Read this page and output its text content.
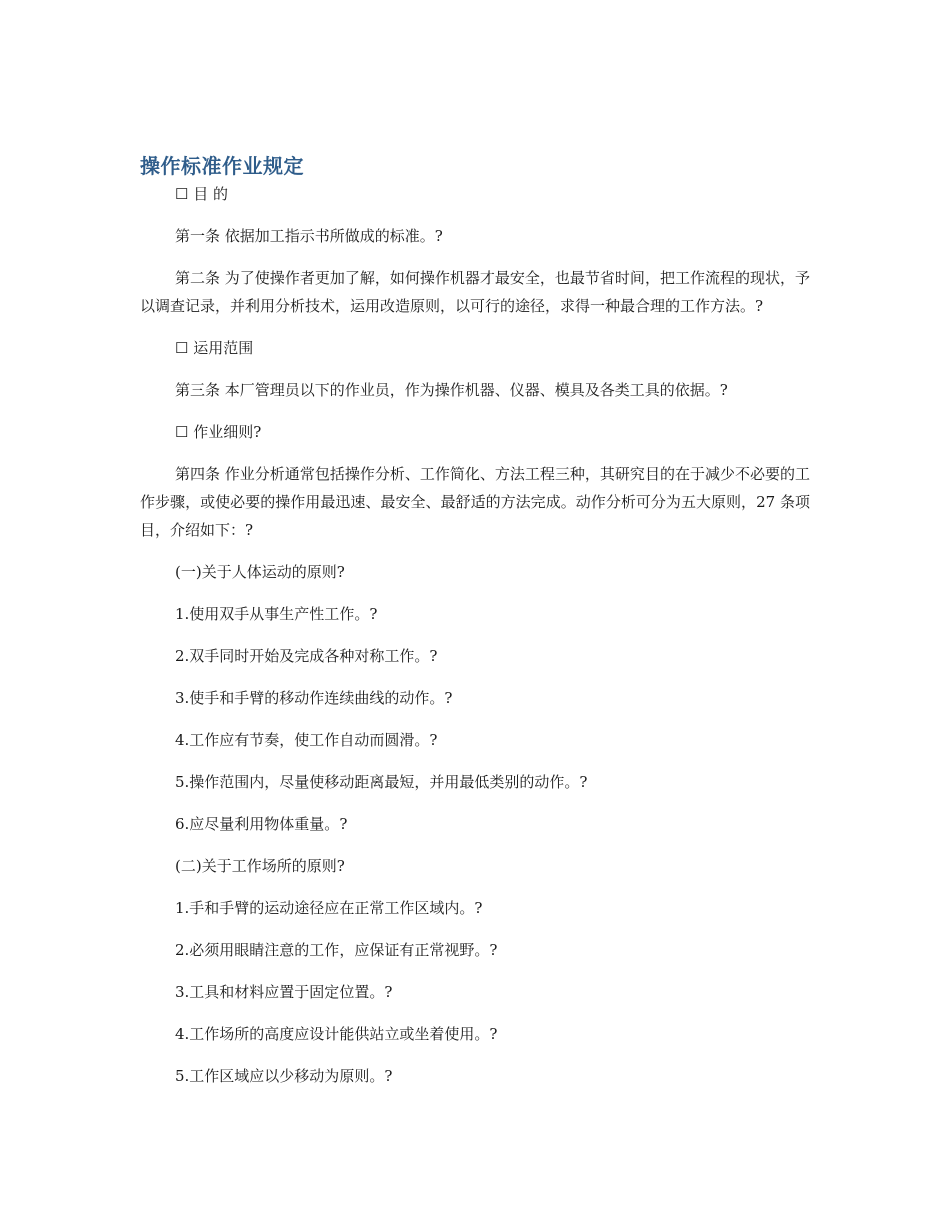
操作标准作业规定

☐ 目 的

第一条 依据加工指示书所做成的标准。?

第二条 为了使操作者更加了解，如何操作机器才最安全，也最节省时间，把工作流程的现状，予以调查记录，并利用分析技术，运用改造原则，以可行的途径，求得一种最合理的工作方法。?

☐ 运用范围

第三条 本厂管理员以下的作业员，作为操作机器、仪器、模具及各类工具的依据。?

☐ 作业细则?

第四条 作业分析通常包括操作分析、工作简化、方法工程三种，其研究目的在于减少不必要的工作步骤，或使必要的操作用最迅速、最安全、最舒适的方法完成。动作分析可分为五大原则，27 条项目，介绍如下：?

(一)关于人体运动的原则?

1.使用双手从事生产性工作。?

2.双手同时开始及完成各种对称工作。?

3.使手和手臂的移动作连续曲线的动作。?

4.工作应有节奏，使工作自动而圆滑。?

5.操作范围内，尽量使移动距离最短，并用最低类别的动作。?

6.应尽量利用物体重量。?

(二)关于工作场所的原则?

1.手和手臂的运动途径应在正常工作区域内。?

2.必须用眼睛注意的工作，应保证有正常视野。?

3.工具和材料应置于固定位置。?

4.工作场所的高度应设计能供站立或坐着使用。?

5.工作区域应以少移动为原则。?
